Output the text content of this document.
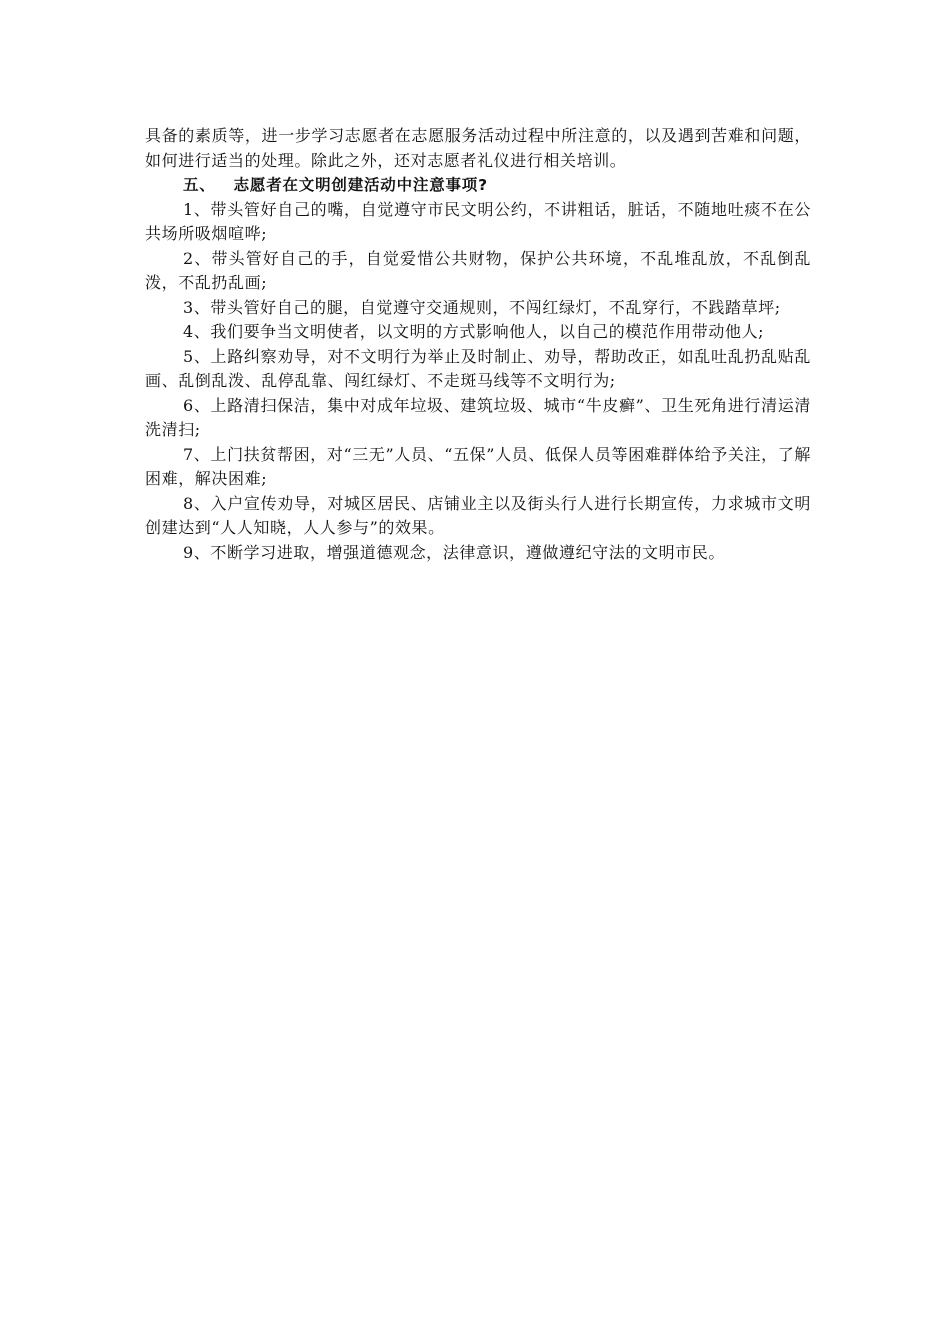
具备的素质等，进一步学习志愿者在志愿服务活动过程中所注意的，以及遇到苦难和问题，如何进行适当的处理。除此之外，还对志愿者礼仪进行相关培训。

五、 志愿者在文明创建活动中注意事项?

1、带头管好自己的嘴，自觉遵守市民文明公约，不讲粗话，脏话，不随地吐痰不在公共场所吸烟喧哗;

2、带头管好自己的手，自觉爱惜公共财物，保护公共环境，不乱堆乱放，不乱倒乱泼，不乱扔乱画;

3、带头管好自己的腿，自觉遵守交通规则，不闯红绿灯，不乱穿行，不践踏草坪;

4、我们要争当文明使者，以文明的方式影响他人，以自己的模范作用带动他人;

5、上路纠察劝导，对不文明行为举止及时制止、劝导，帮助改正，如乱吐乱扔乱贴乱画、乱倒乱泼、乱停乱靠、闯红绿灯、不走斑马线等不文明行为;

6、上路清扫保洁，集中对成年垃圾、建筑垃圾、城市“牛皮癣”、卫生死角进行清运清洗清扫;

7、上门扶贫帮困，对“三无”人员、“五保”人员、低保人员等困难群体给予关注，了解困难，解决困难;

8、入户宣传劝导，对城区居民、店铺业主以及街头行人进行长期宣传，力求城市文明创建达到“人人知晓，人人参与”的效果。

9、不断学习进取，增强道德观念，法律意识，遵做遵纪守法的文明市民。
